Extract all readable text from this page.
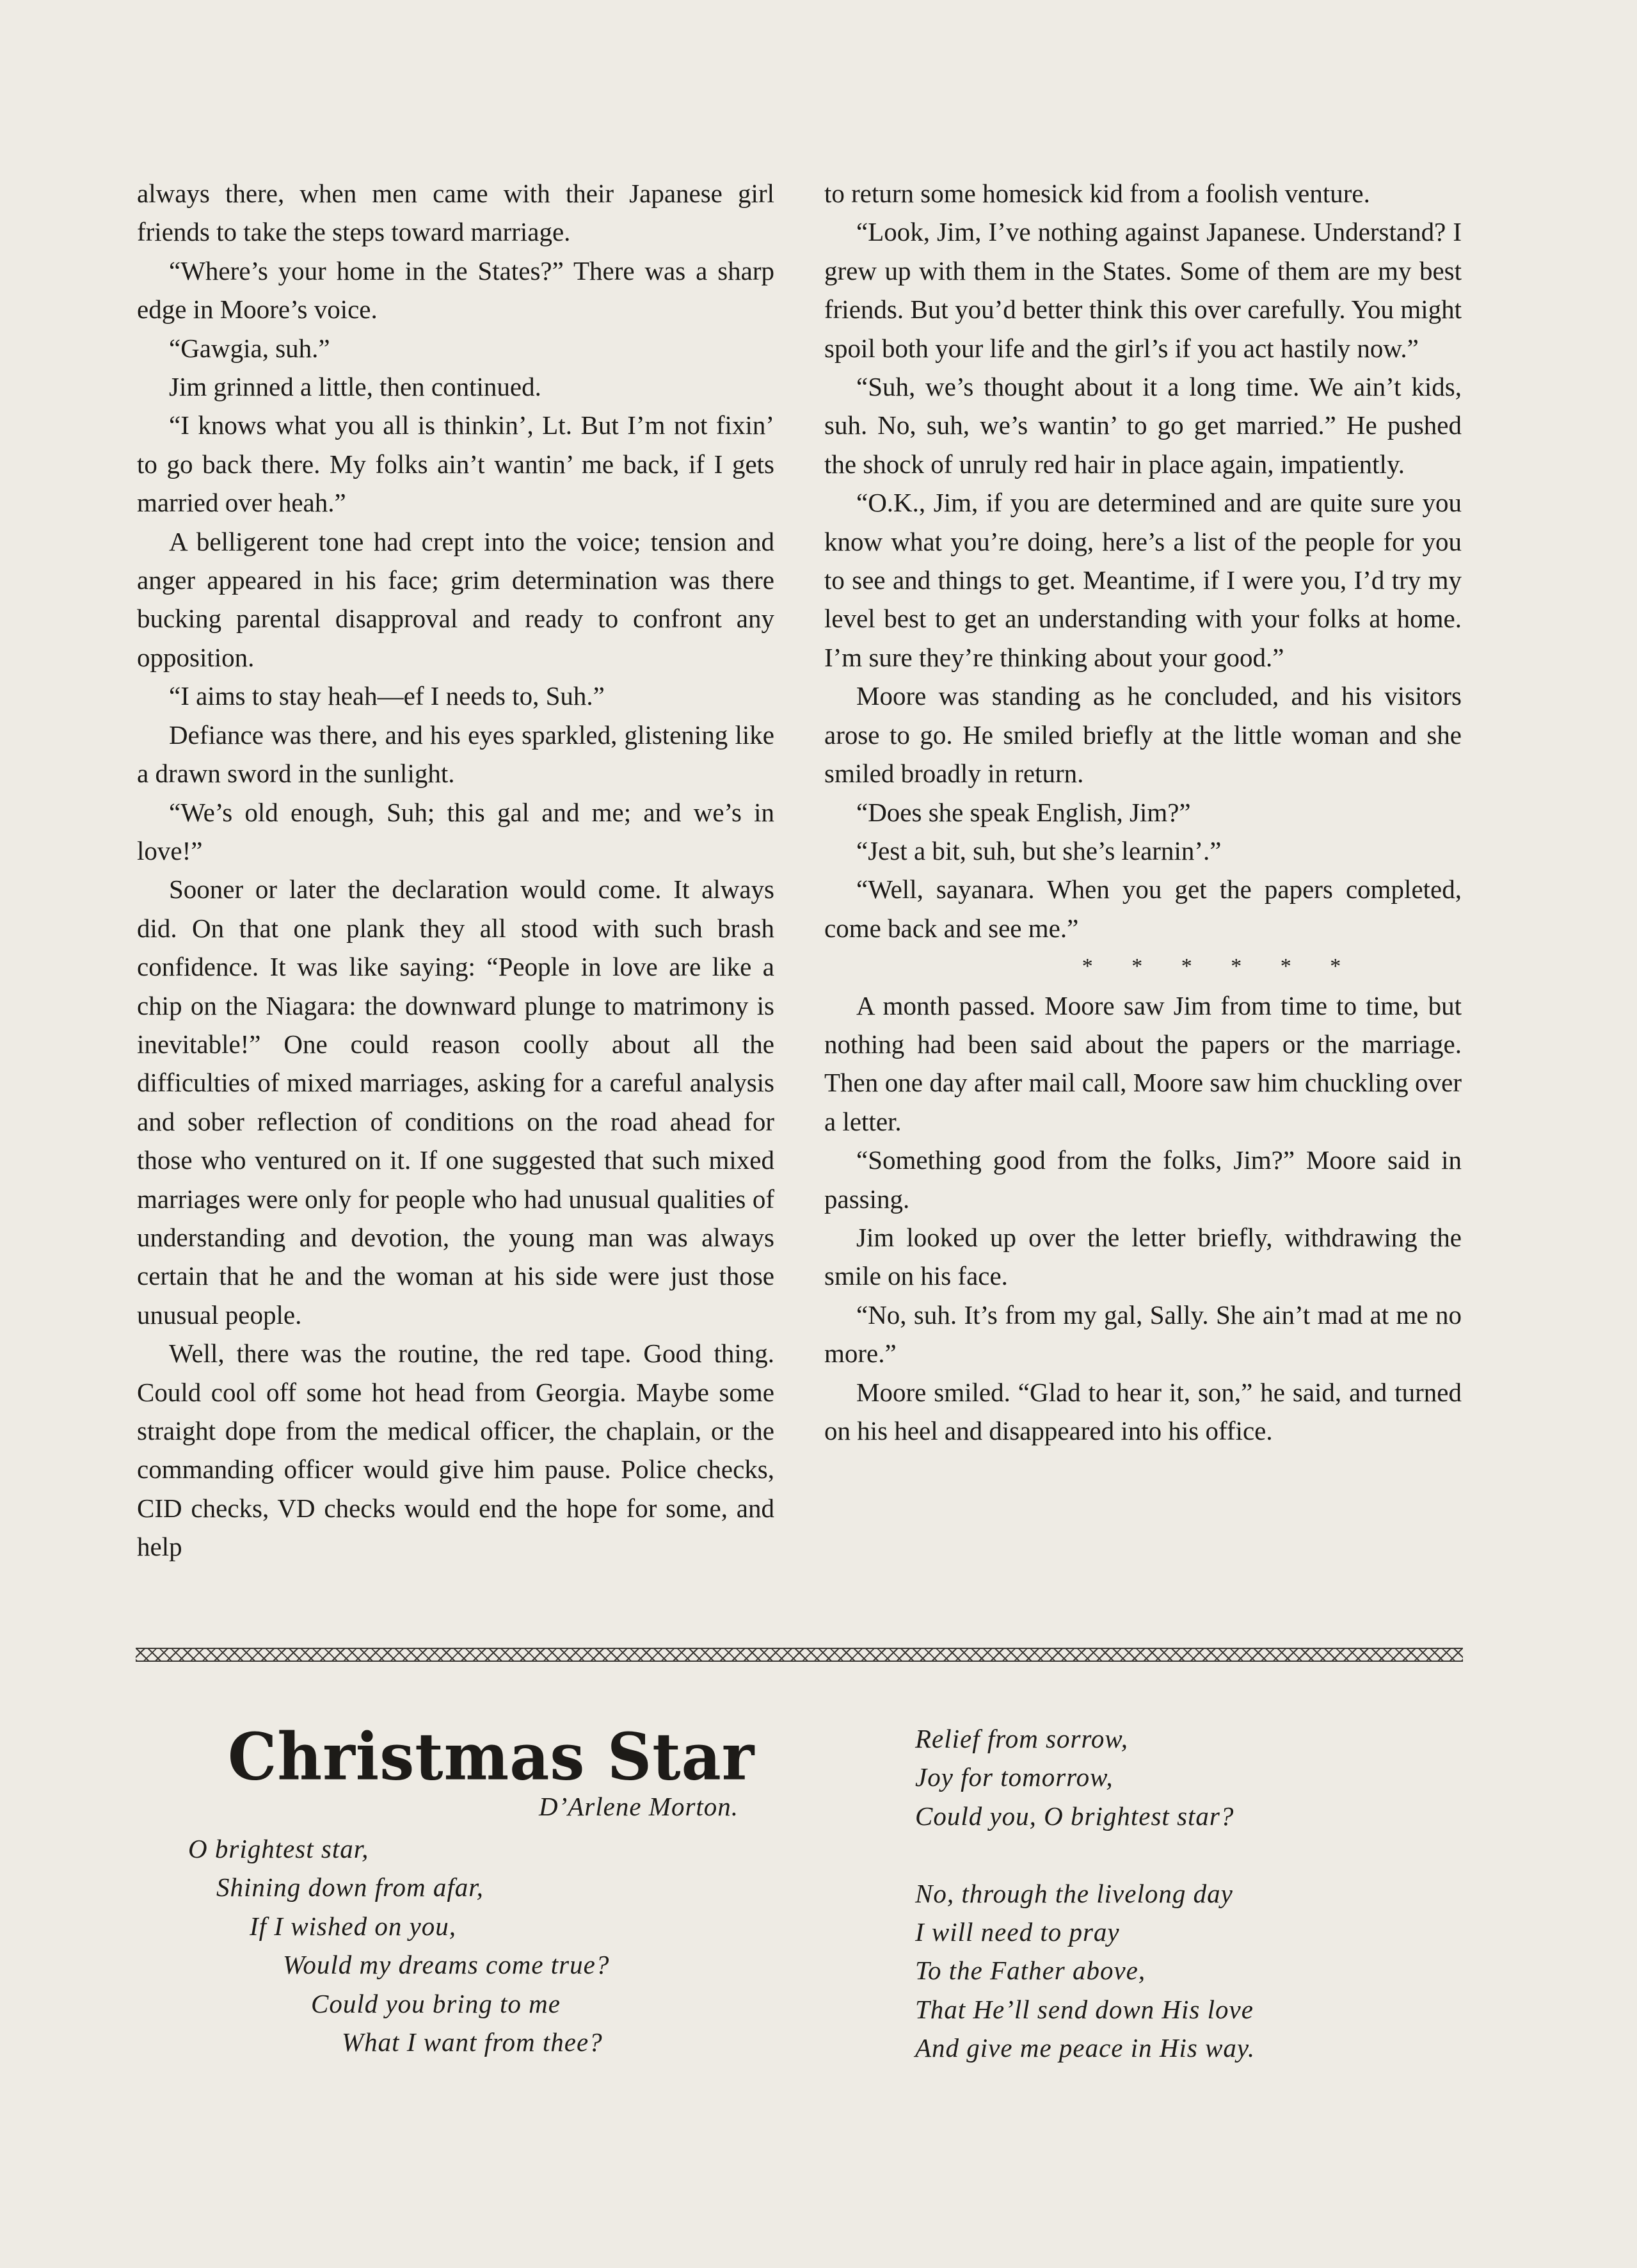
always there, when men came with their Japanese girl friends to take the steps toward marriage.

“Where’s your home in the States?” There was a sharp edge in Moore’s voice.

“Gawgia, suh.”

Jim grinned a little, then continued.

“I knows what you all is thinkin’, Lt. But I’m not fixin’ to go back there. My folks ain’t wantin’ me back, if I gets married over heah.”

A belligerent tone had crept into the voice; tension and anger appeared in his face; grim determination was there bucking parental disapproval and ready to confront any opposition.

“I aims to stay heah—ef I needs to, Suh.”

Defiance was there, and his eyes sparkled, glistening like a drawn sword in the sunlight.

“We’s old enough, Suh; this gal and me; and we’s in love!”

Sooner or later the declaration would come. It always did. On that one plank they all stood with such brash confidence. It was like saying: “People in love are like a chip on the Niagara: the downward plunge to matrimony is inevitable!” One could reason coolly about all the difficulties of mixed marriages, asking for a careful analysis and sober reflection of conditions on the road ahead for those who ventured on it. If one suggested that such mixed marriages were only for people who had unusual qualities of understanding and devotion, the young man was always certain that he and the woman at his side were just those unusual people.

Well, there was the routine, the red tape. Good thing. Could cool off some hot head from Georgia. Maybe some straight dope from the medical officer, the chaplain, or the commanding officer would give him pause. Police checks, CID checks, VD checks would end the hope for some, and help

to return some homesick kid from a foolish venture.

“Look, Jim, I’ve nothing against Japanese. Understand? I grew up with them in the States. Some of them are my best friends. But you’d better think this over carefully. You might spoil both your life and the girl’s if you act hastily now.”

“Suh, we’s thought about it a long time. We ain’t kids, suh. No, suh, we’s wantin’ to go get married.” He pushed the shock of unruly red hair in place again, impatiently.

“O.K., Jim, if you are determined and are quite sure you know what you’re doing, here’s a list of the people for you to see and things to get. Meantime, if I were you, I’d try my level best to get an understanding with your folks at home. I’m sure they’re thinking about your good.”

Moore was standing as he concluded, and his visitors arose to go. He smiled briefly at the little woman and she smiled broadly in return.

“Does she speak English, Jim?”

“Jest a bit, suh, but she’s learnin’.”

“Well, sayanara. When you get the papers completed, come back and see me.”

* * * * * *

A month passed. Moore saw Jim from time to time, but nothing had been said about the papers or the marriage. Then one day after mail call, Moore saw him chuckling over a letter.

“Something good from the folks, Jim?” Moore said in passing.

Jim looked up over the letter briefly, withdrawing the smile on his face.

“No, suh. It’s from my gal, Sally. She ain’t mad at me no more.”

Moore smiled. “Glad to hear it, son,” he said, and turned on his heel and disappeared into his office.

Christmas Star
D’Arlene Morton.
O brightest star,
Shining down from afar,
If I wished on you,
Would my dreams come true?
Could you bring to me
What I want from thee?
Relief from sorrow,
Joy for tomorrow,
Could you, O brightest star?
No, through the livelong day
I will need to pray
To the Father above,
That He’ll send down His love
And give me peace in His way.
